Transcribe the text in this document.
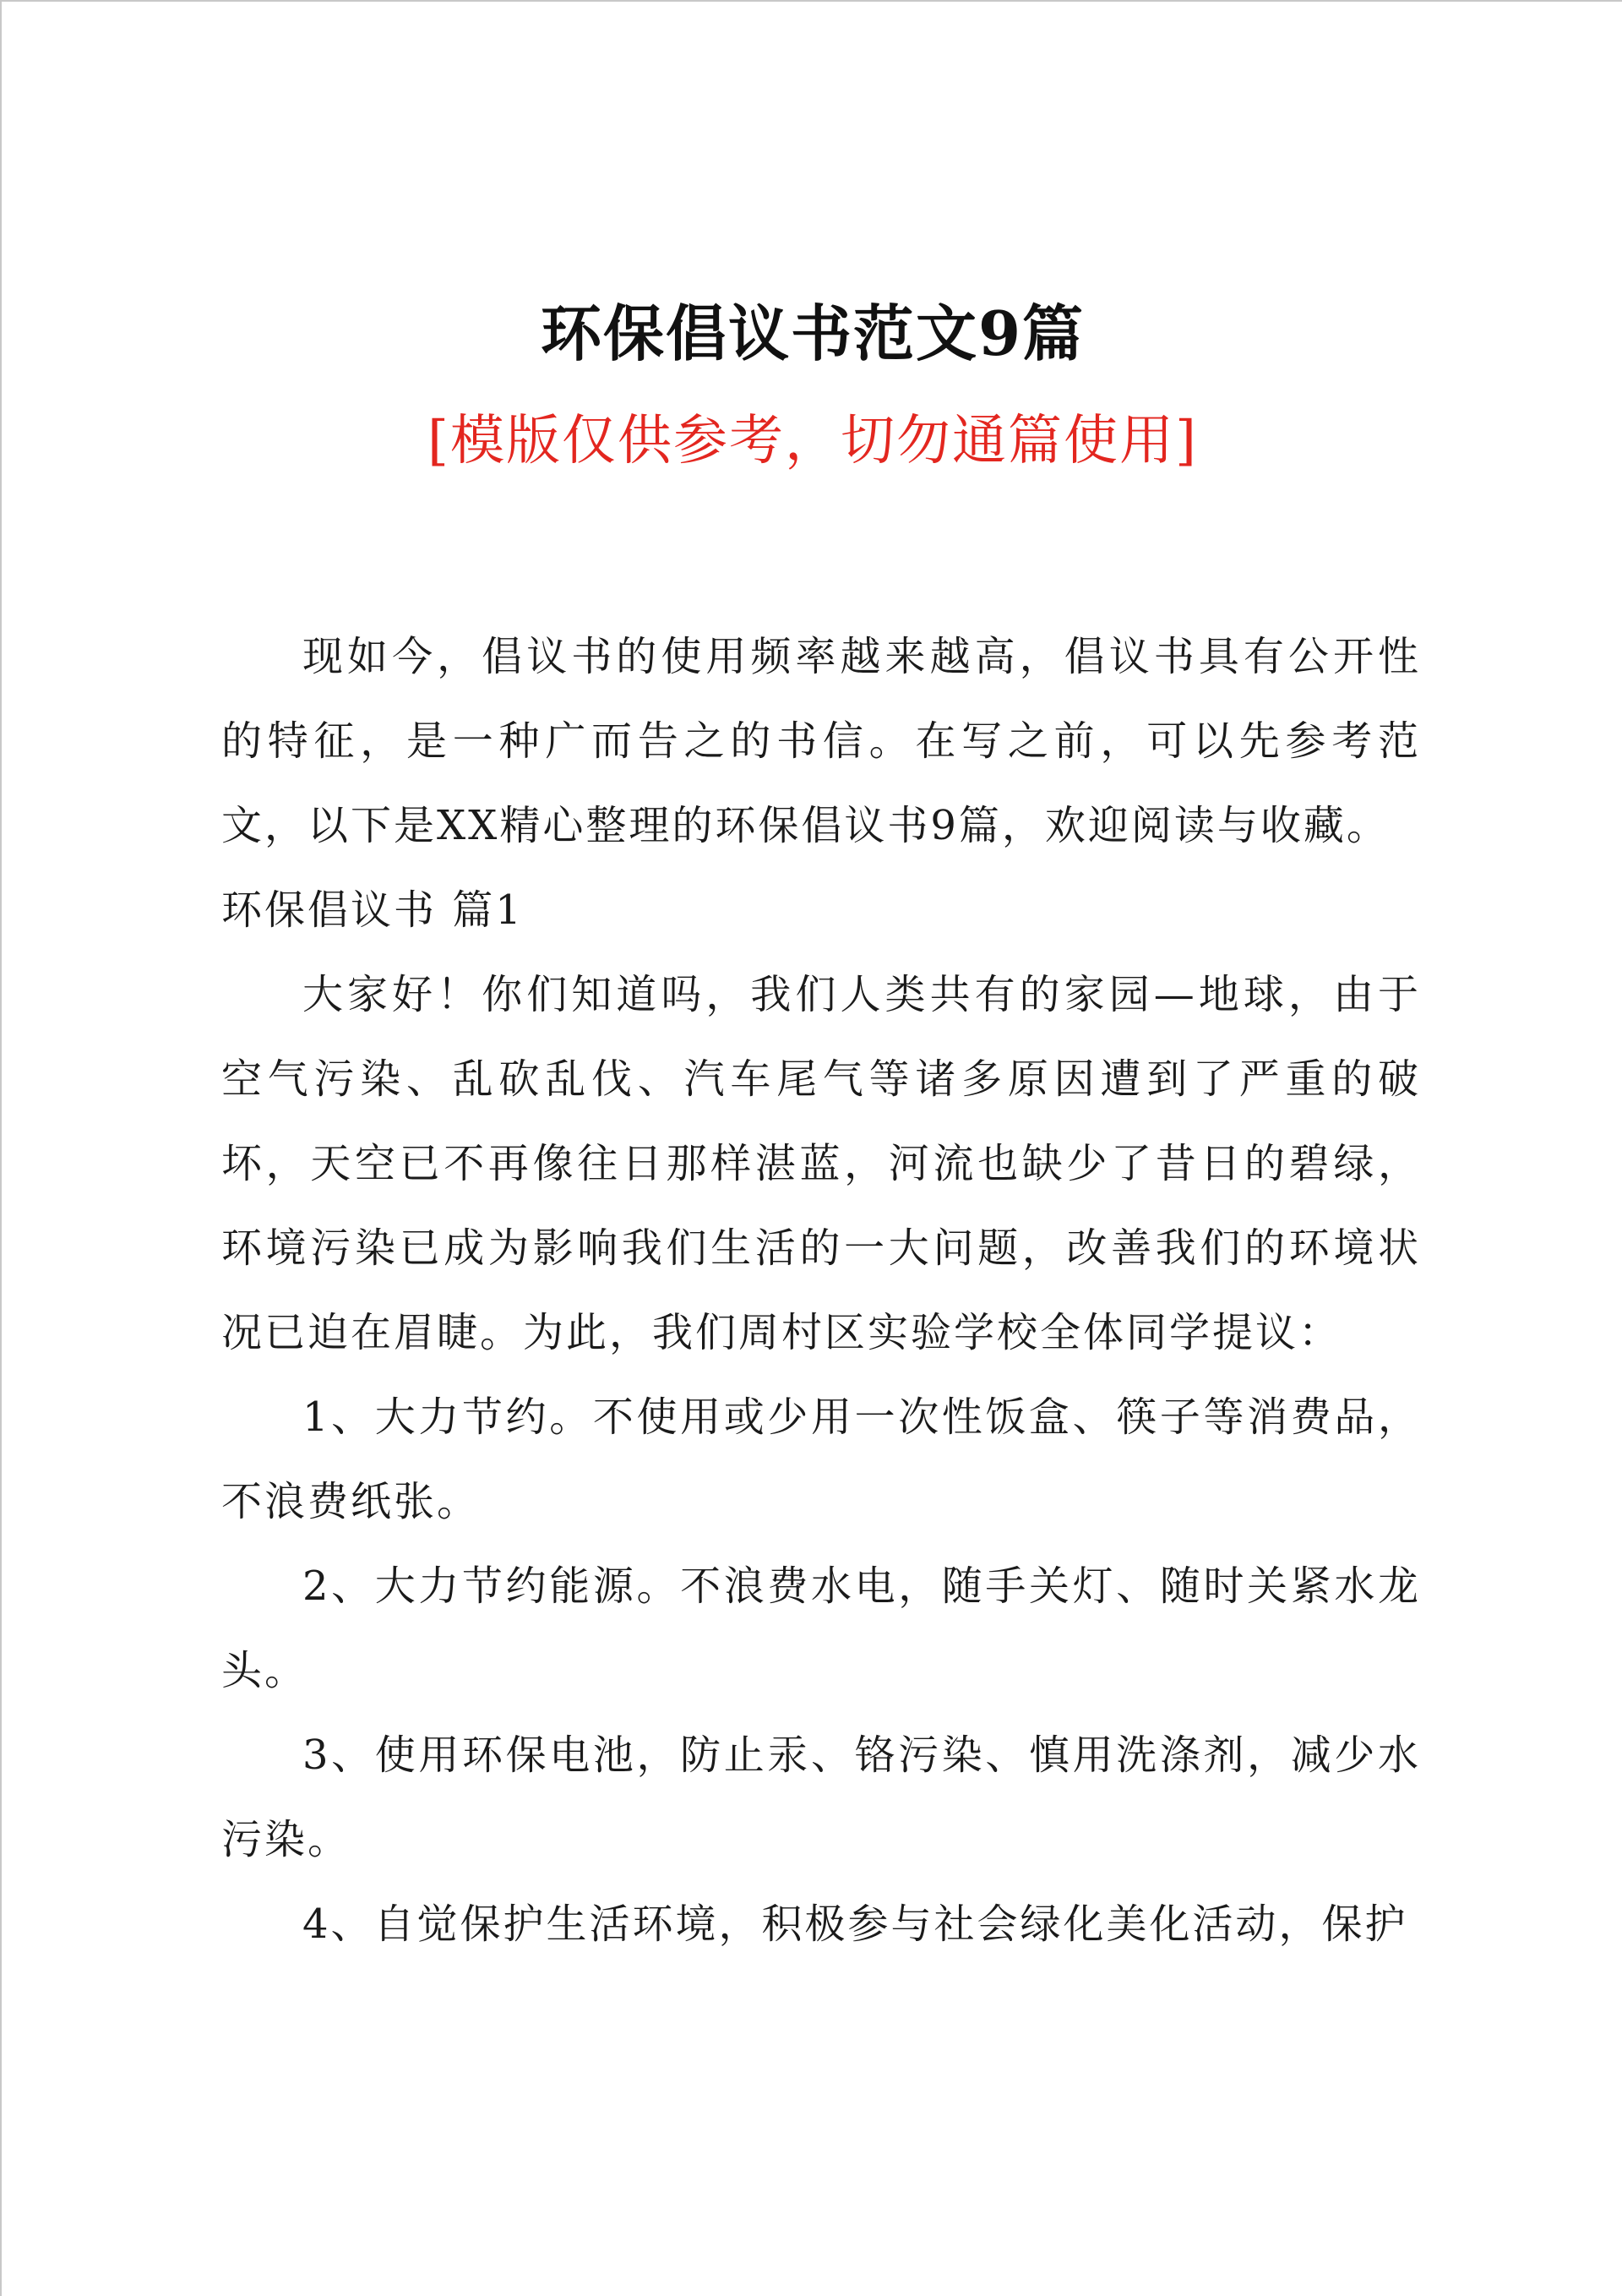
环保倡议书范文9篇
[模版仅供参考，切勿通篇使用]

现如今，倡议书的使用频率越来越高，倡议书具有公开性的特征，是一种广而告之的书信。在写之前，可以先参考范文，以下是XX精心整理的环保倡议书9篇，欢迎阅读与收藏。

环保倡议书 篇1

大家好！你们知道吗，我们人类共有的家园—地球，由于空气污染、乱砍乱伐、汽车尾气等诸多原因遭到了严重的破坏，天空已不再像往日那样湛蓝，河流也缺少了昔日的碧绿，环境污染已成为影响我们生活的一大问题，改善我们的环境状况已迫在眉睫。为此，我们周村区实验学校全体同学提议：

1、大力节约。不使用或少用一次性饭盒、筷子等消费品，不浪费纸张。

2、大力节约能源。不浪费水电，随手关灯、随时关紧水龙头。

3、使用环保电池，防止汞、铬污染、慎用洗涤剂，减少水污染。

4、自觉保护生活环境，积极参与社会绿化美化活动，保护
